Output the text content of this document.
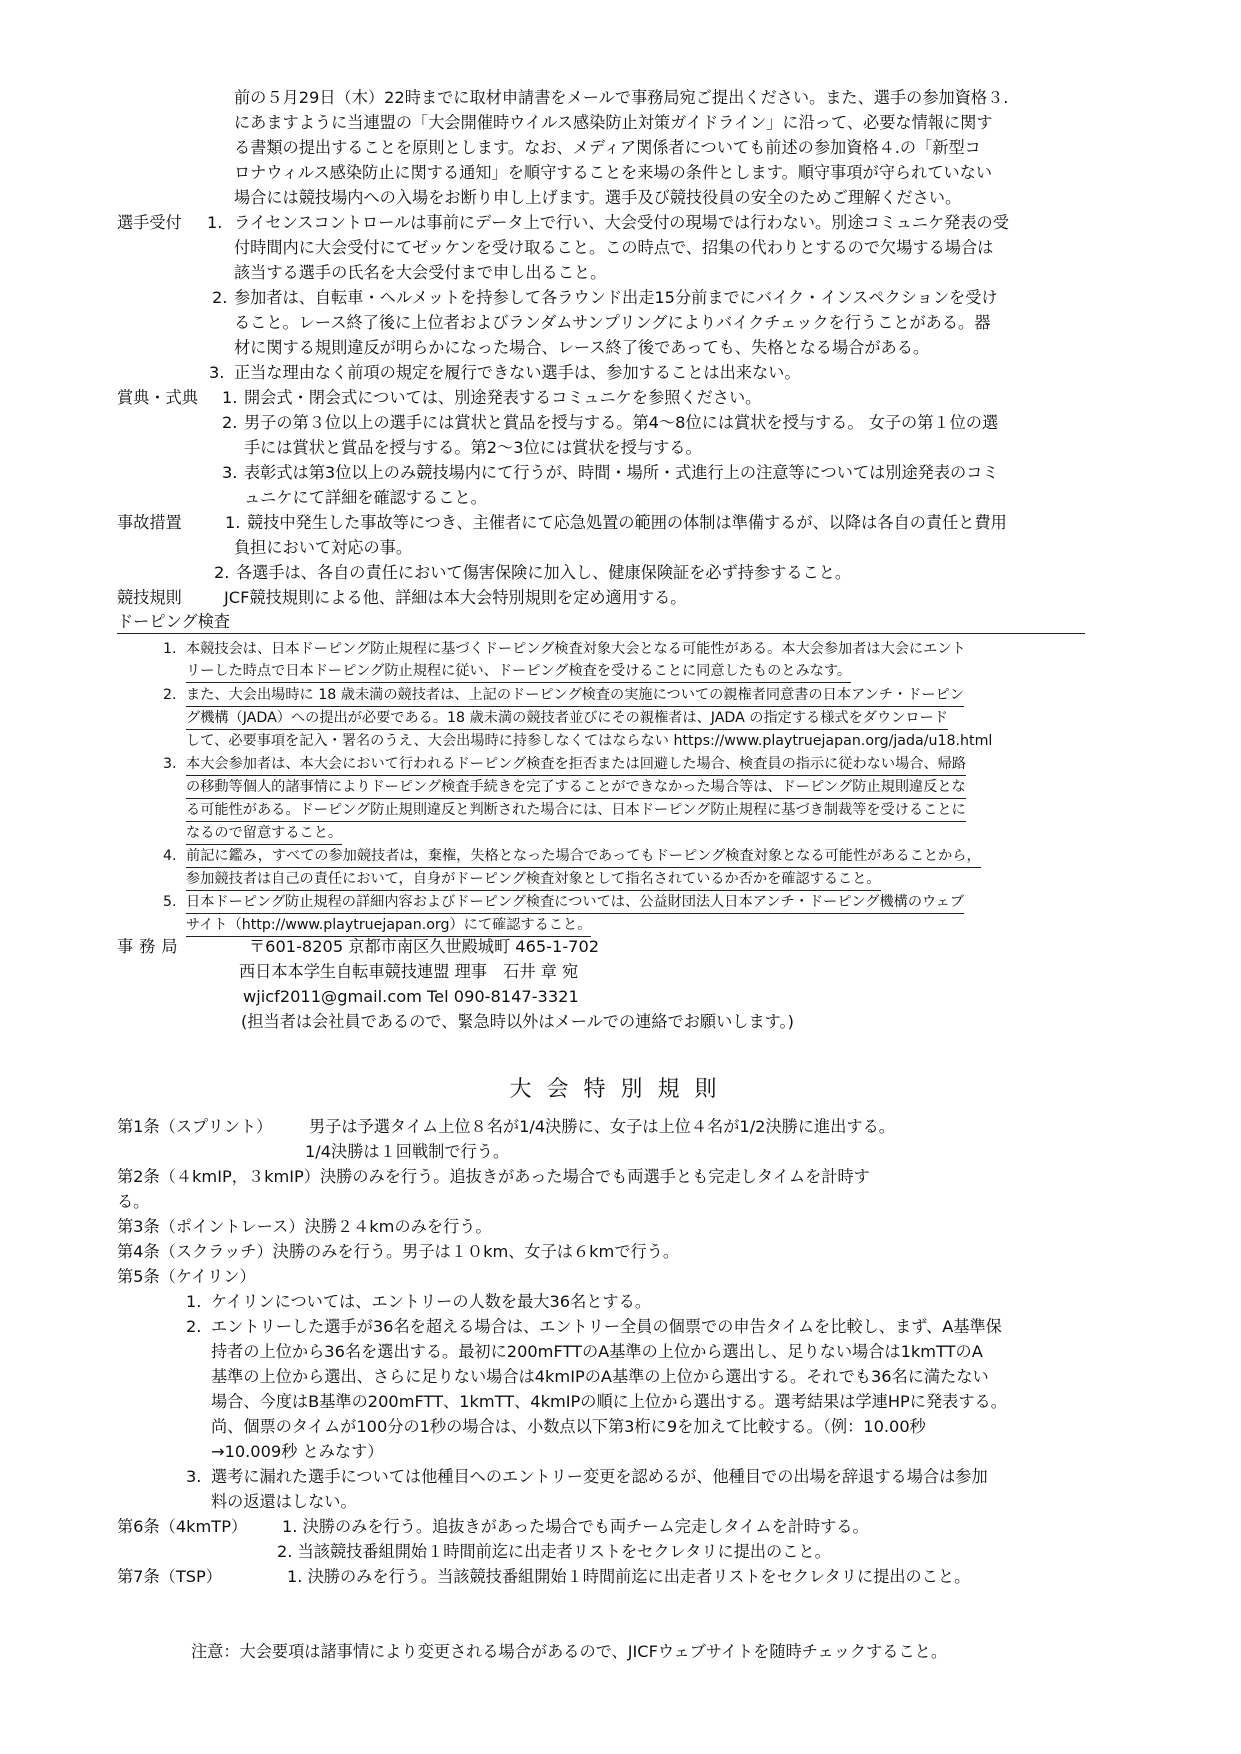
前の５月29日（木）22時までに取材申請書をメールで事務局宛ご提出ください。また、選手の参加資格３.
にあますように当連盟の「大会開催時ウイルス感染防止対策ガイドライン」に沿って、必要な情報に関す
る書類の提出することを原則とします。なお、メディア関係者についても前述の参加資格４.の「新型コ
ロナウィルス感染防止に関する通知」を順守することを来場の条件とします。順守事項が守られていない
場合には競技場内への入場をお断り申し上げます。選手及び競技役員の安全のためご理解ください。
選手受付 1. ライセンスコントロールは事前にデータ上で行い、大会受付の現場では行わない。別途コミュニケ発表の受
付時間内に大会受付にてゼッケンを受け取ること。この時点で、招集の代わりとするので欠場する場合は
該当する選手の氏名を大会受付まで申し出ること。
2. 参加者は、自転車・ヘルメットを持参して各ラウンド出走15分前までにバイク・インスペクションを受け
ること。レース終了後に上位者およびランダムサンプリングによりバイクチェックを行うことがある。器
材に関する規則違反が明らかになった場合、レース終了後であっても、失格となる場合がある。
3. 正当な理由なく前項の規定を履行できない選手は、参加することは出来ない。
賞典・式典 1. 開会式・閉会式については、別途発表するコミュニケを参照ください。
2. 男子の第３位以上の選手には賞状と賞品を授与する。第4～8位には賞状を授与する。 女子の第１位の選
手には賞状と賞品を授与する。第2～3位には賞状を授与する。
3. 表彰式は第3位以上のみ競技場内にて行うが、時間・場所・式進行上の注意等については別途発表のコミ
ュニケにて詳細を確認すること。
事故措置	1. 競技中発生した事故等につき、主催者にて応急処置の範囲の体制は準備するが、以降は各自の責任と費用
負担において対応の事。
2. 各選手は、各自の責任において傷害保険に加入し、健康保険証を必ず持参すること。
競技規則	JCF競技規則による他、詳細は本大会特別規則を定め適用する。
ドーピング検査
1. 本競技会は、日本ドーピング防止規程に基づくドーピング検査対象大会となる可能性がある。本大会参加者は大会にエント
リーした時点で日本ドーピング防止規程に従い、ドーピング検査を受けることに同意したものとみなす。
2. また、大会出場時に 18 歳未満の競技者は、上記のドーピング検査の実施についての親権者同意書の日本アンチ・ドーピン
グ機構（JADA）への提出が必要である。18 歳未満の競技者並びにその親権者は、JADA の指定する様式をダウンロード
して、必要事項を記入・署名のうえ、大会出場時に持参しなくてはならない https://www.playtruejapan.org/jada/u18.html
3. 本大会参加者は、本大会において行われるドーピング検査を拒否または回避した場合、検査員の指示に従わない場合、帰路
の移動等個人的諸事情によりドーピング検査手続きを完了することができなかった場合等は、ドーピング防止規則違反とな
る可能性がある。ドーピング防止規則違反と判断された場合には、日本ドーピング防止規程に基づき制裁等を受けることに
なるので留意すること。
4. 前記に鑑み，すべての参加競技者は，棄権，失格となった場合であってもドーピング検査対象となる可能性があることから，
参加競技者は自己の責任において，自身がドーピング検査対象として指名されているか否かを確認すること。
5. 日本ドーピング防止規程の詳細内容およびドーピング検査については、公益財団法人日本アンチ・ドーピング機構のウェブ
サイト（http://www.playtruejapan.org）にて確認すること。
事務局	〒601-8205 京都市南区久世殿城町 465-1-702
西日本本学生自転車競技連盟 理事　石井 章 宛
wjicf2011@gmail.com Tel 090-8147-3321
(担当者は会社員であるので、緊急時以外はメールでの連絡でお願いします。)
大会特別規則
第1条（スプリント） 男子は予選タイム上位８名が1/4決勝に、女子は上位４名が1/2決勝に進出する。
1/4決勝は１回戦制で行う。
第2条（４kmIP，３kmIP）決勝のみを行う。追抜きがあった場合でも両選手とも完走しタイムを計時す
る。
第3条（ポイントレース）決勝２４kmのみを行う。
第4条（スクラッチ）決勝のみを行う。男子は１０km、女子は６kmで行う。
第5条（ケイリン）
1. ケイリンについては、エントリーの人数を最大36名とする。
2. エントリーした選手が36名を超える場合は、エントリー全員の個票での申告タイムを比較し、まず、A基準保
持者の上位から36名を選出する。最初に200mFTTのA基準の上位から選出し、足りない場合は1kmTTのA
基準の上位から選出、さらに足りない場合は4kmIPのA基準の上位から選出する。それでも36名に満たない
場合、今度はB基準の200mFTT、1kmTT、4kmIPの順に上位から選出する。選考結果は学連HPに発表する。
尚、個票のタイムが100分の1秒の場合は、小数点以下第3桁に9を加えて比較する。（例：10.00秒
→10.009秒 とみなす）
3. 選考に漏れた選手については他種目へのエントリー変更を認めるが、他種目での出場を辞退する場合は参加
料の返還はしない。
第6条（4kmTP） 1. 決勝のみを行う。追抜きがあった場合でも両チーム完走しタイムを計時する。
2. 当該競技番組開始１時間前迄に出走者リストをセクレタリに提出のこと。
第7条（TSP）	1. 決勝のみを行う。当該競技番組開始１時間前迄に出走者リストをセクレタリに提出のこと。
注意：大会要項は諸事情により変更される場合があるので、JICFウェブサイトを随時チェックすること。
